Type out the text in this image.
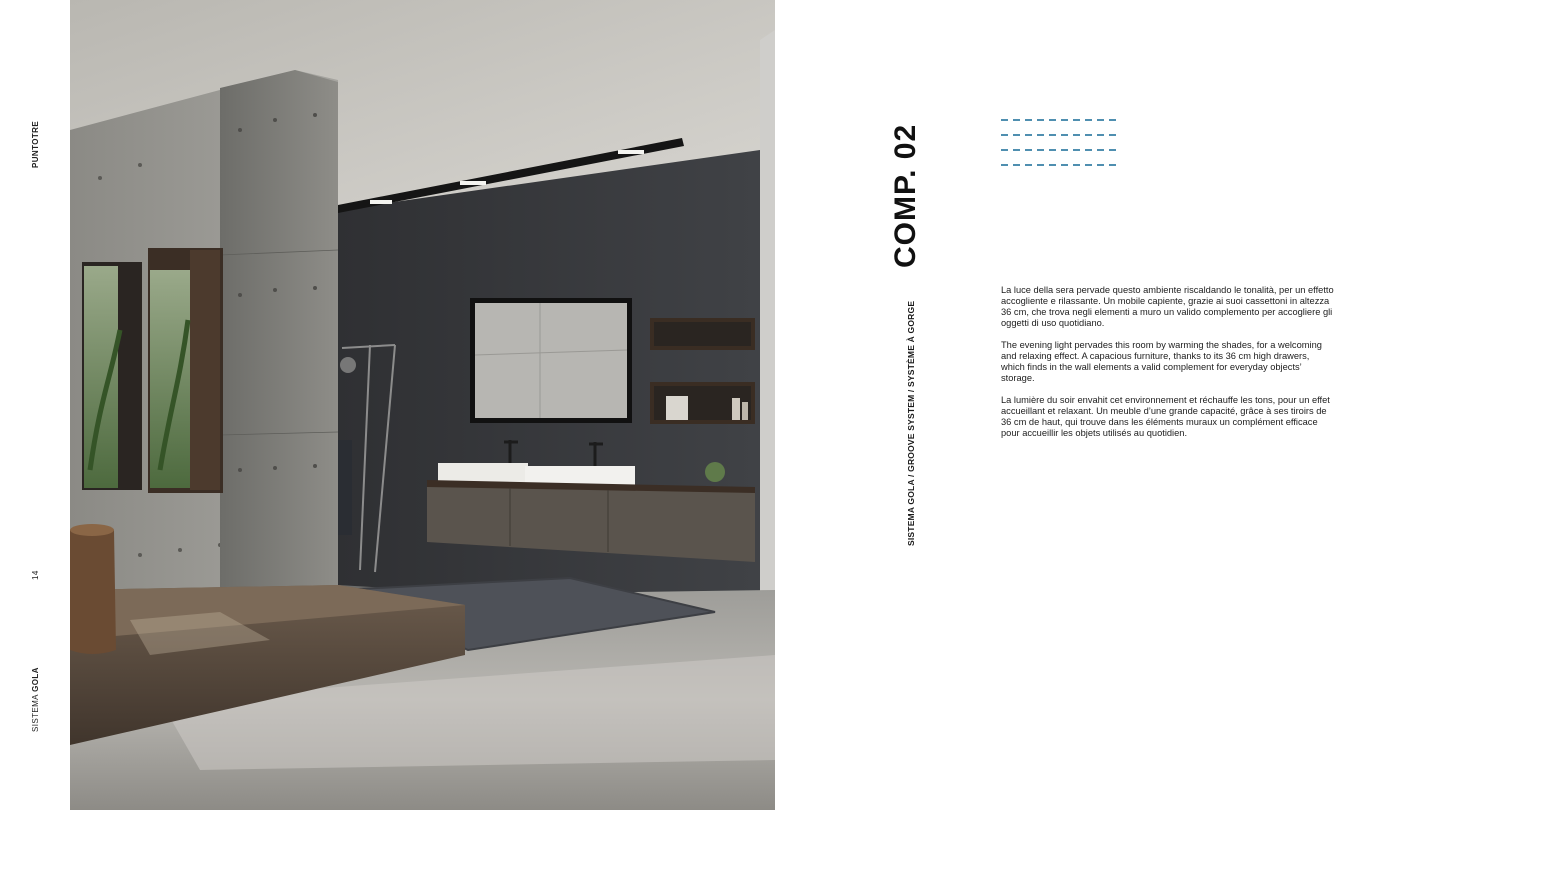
PUNTOTRE
14
SISTEMA GOLA
COMP. 02
SISTEMA GOLA / GROOVE SYSTEM / SYSTÈME À GORGE

La luce della sera pervade questo ambiente riscaldando le tonalità, per un effetto accogliente e rilassante. Un mobile capiente, grazie ai suoi cassettoni in altezza 36 cm, che trova negli elementi a muro un valido complemento per accogliere gli oggetti di uso quotidiano.

The evening light pervades this room by warming the shades, for a welcoming and relaxing effect. A capacious furniture, thanks to its 36 cm high drawers, which finds in the wall elements a valid complement for everyday objects’ storage.

La lumière du soir envahit cet environnement et réchauffe les tons, pour un effet accueillant et relaxant. Un meuble d’une grande capacité, grâce à ses tiroirs de 36 cm de haut, qui trouve dans les éléments muraux un complément efficace pour accueillir les objets utilisés au quotidien.
